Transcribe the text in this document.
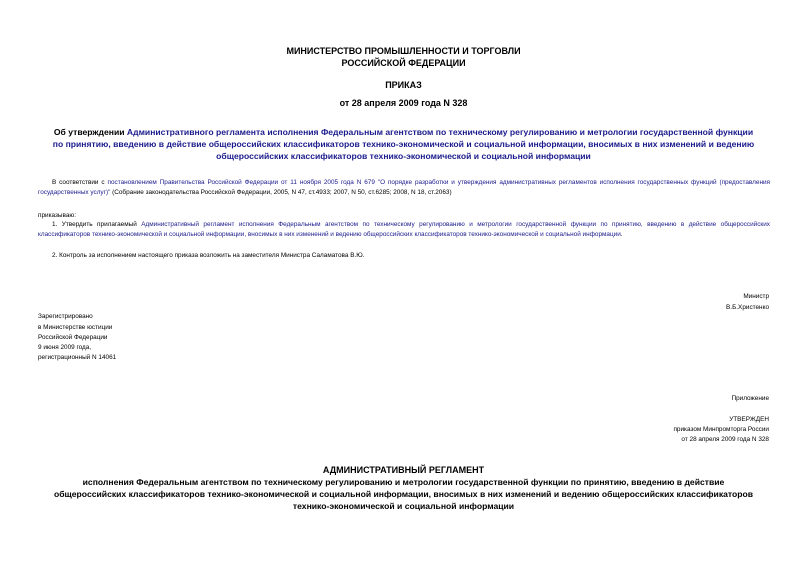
МИНИСТЕРСТВО ПРОМЫШЛЕННОСТИ И ТОРГОВЛИ
РОССИЙСКОЙ ФЕДЕРАЦИИ
ПРИКАЗ
от 28 апреля 2009 года N 328
Об утверждении Административного регламента исполнения Федеральным агентством по техническому регулированию и метрологии государственной функции
по принятию, введению в действие общероссийских классификаторов технико-экономической и социальной информации, вносимых в них изменений и ведению
общероссийских классификаторов технико-экономической и социальной информации
В соответствии с постановлением Правительства Российской Федерации от 11 ноября 2005 года N 679 "О порядке разработки и утверждения административных регламентов исполнения государственных функций (предоставления государственных услуг)" (Собрание законодательства Российской Федерации, 2005, N 47, ст.4933; 2007, N 50, ст.6285; 2008, N 18, ст.2063)
приказываю:
1. Утвердить прилагаемый Административный регламент исполнения Федеральным агентством по техническому регулированию и метрологии государственной функции по принятию, введению в действие общероссийских классификаторов технико-экономической и социальной информации, вносимых в них изменений и ведению общероссийских классификаторов технико-экономической и социальной информации.
2. Контроль за исполнением настоящего приказа возложить на заместителя Министра Саламатова В.Ю.
Министр
В.Б.Христенко
Зарегистрировано
в Министерстве юстиции
Российской Федерации
9 июня 2009 года,
регистрационный N 14061
Приложение
УТВЕРЖДЕН
приказом Минпромторга России
от 28 апреля 2009 года N 328
АДМИНИСТРАТИВНЫЙ РЕГЛАМЕНТ
исполнения Федеральным агентством по техническому регулированию и метрологии государственной функции по принятию, введению в действие
общероссийских классификаторов технико-экономической и социальной информации, вносимых в них изменений и ведению общероссийских классификаторов
технико-экономической и социальной информации
